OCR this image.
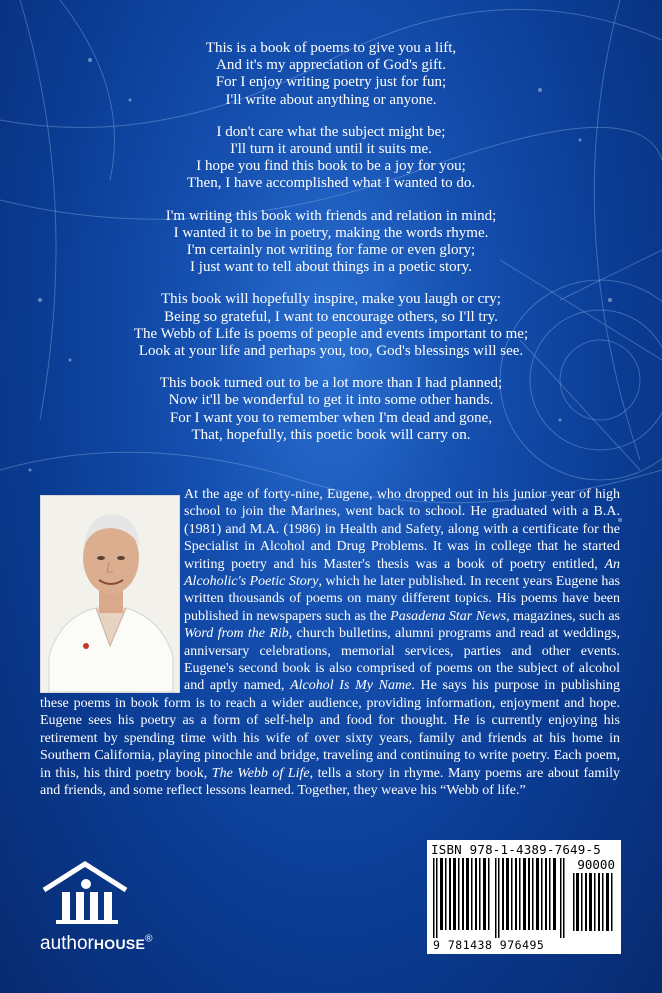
This is a book of poems to give you a lift,
And it's my appreciation of God's gift.
For I enjoy writing poetry just for fun;
I'll write about anything or anyone.
I don't care what the subject might be;
I'll turn it around until it suits me.
I hope you find this book to be a joy for you;
Then, I have accomplished what I wanted to do.
I'm writing this book with friends and relation in mind;
I wanted it to be in poetry, making the words rhyme.
I'm certainly not writing for fame or even glory;
I just want to tell about things in a poetic story.
This book will hopefully inspire, make you laugh or cry;
Being so grateful, I want to encourage others, so I'll try.
The Webb of Life is poems of people and events important to me;
Look at your life and perhaps you, too, God's blessings will see.
This book turned out to be a lot more than I had planned;
Now it'll be wonderful to get it into some other hands.
For I want you to remember when I'm dead and gone,
That, hopefully, this poetic book will carry on.
At the age of forty-nine, Eugene, who dropped out in his junior year of high school to join the Marines, went back to school. He graduated with a B.A. (1981) and M.A. (1986) in Health and Safety, along with a certificate for the Specialist in Alcohol and Drug Problems. It was in college that he started writing poetry and his Master's thesis was a book of poetry entitled, An Alcoholic's Poetic Story, which he later published. In recent years Eugene has written thousands of poems on many different topics. His poems have been published in newspapers such as the Pasadena Star News, magazines, such as Word from the Rib, church bulletins, alumni programs and read at weddings, anniversary celebrations, memorial services, parties and other events. Eugene's second book is also comprised of poems on the subject of alcohol and aptly named, Alcohol Is My Name. He says his purpose in publishing these poems in book form is to reach a wider audience, providing information, enjoyment and hope. Eugene sees his poetry as a form of self-help and food for thought. He is currently enjoying his retirement by spending time with his wife of over sixty years, family and friends at his home in Southern California, playing pinochle and bridge, traveling and continuing to write poetry. Each poem, in this, his third poetry book, The Webb of Life, tells a story in rhyme. Many poems are about family and friends, and some reflect lessons learned. Together, they weave his “Webb of life.”
authorHOUSE®
ISBN 978-1-4389-7649-5
90000
9 781438 976495
